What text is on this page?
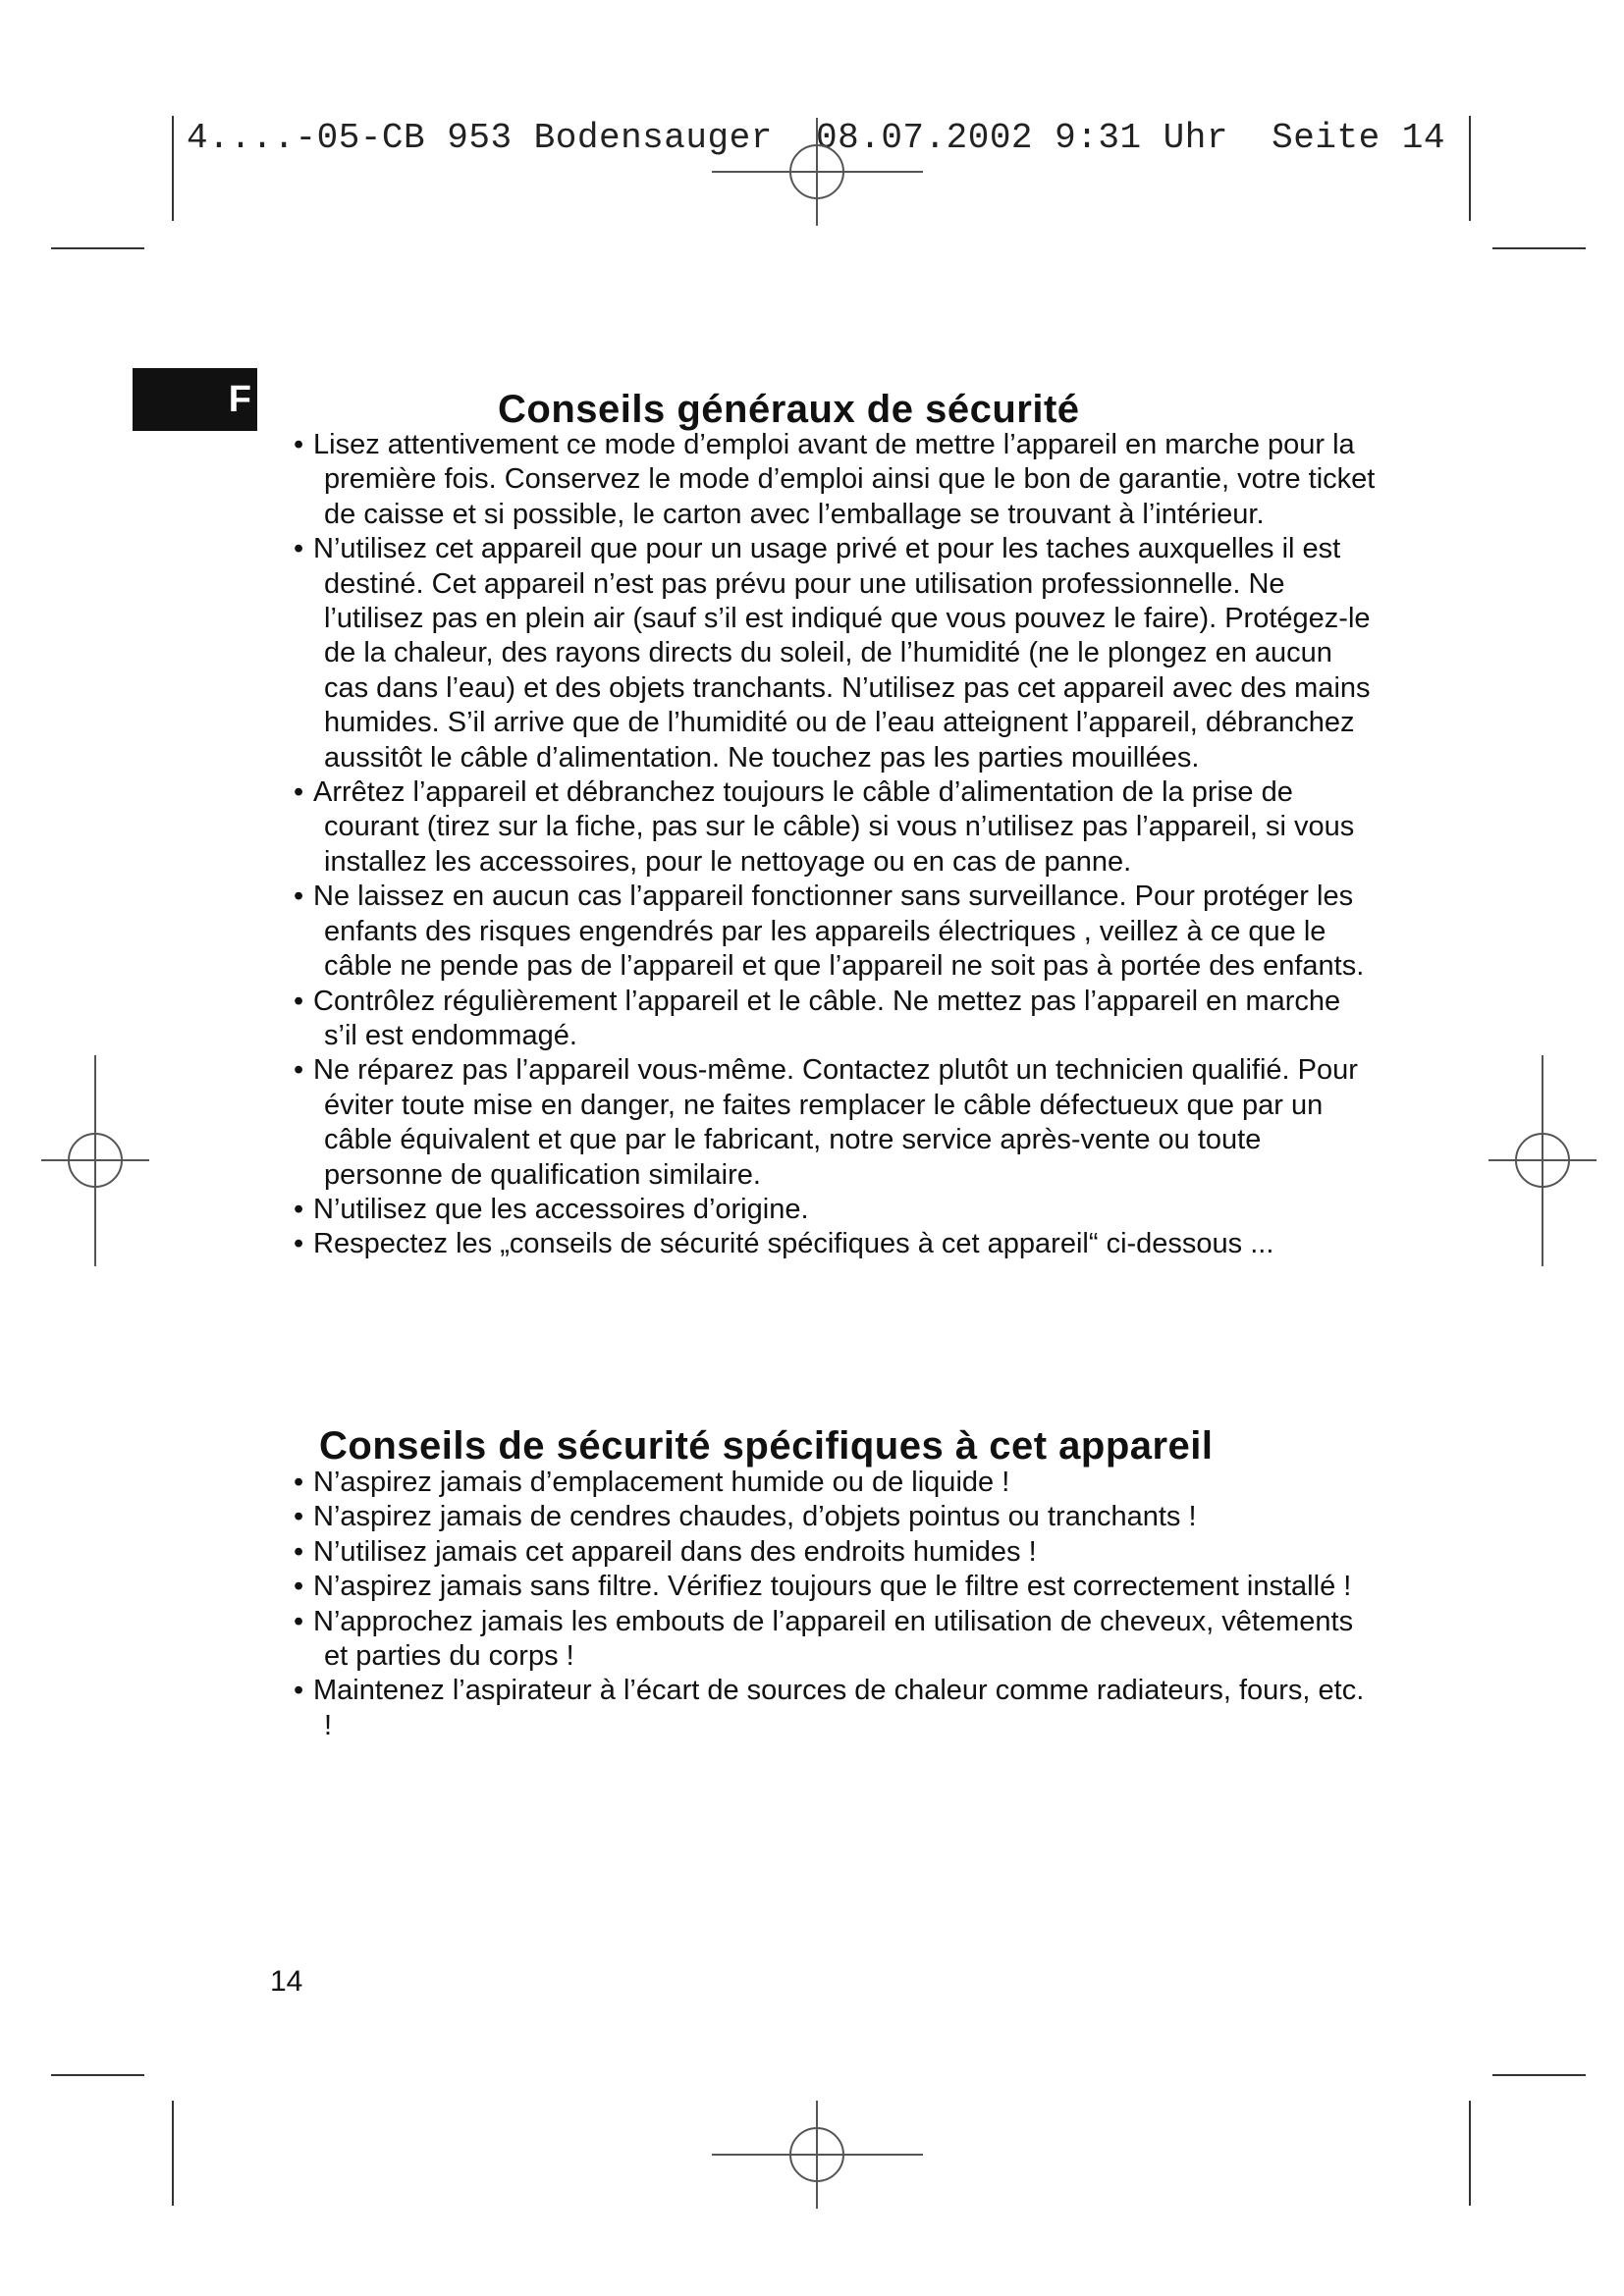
4....-05-CB 953 Bodensauger  08.07.2002 9:31 Uhr  Seite 14
F	Conseils généraux de sécurité
• Lisez attentivement ce mode d’emploi avant de mettre l’appareil en marche pour la première fois. Conservez le mode d’emploi ainsi que le bon de garantie, votre ticket de caisse et si possible, le carton avec l’emballage se trouvant à l’intérieur.
• N’utilisez cet appareil que pour un usage privé et pour les taches auxquelles il est destiné. Cet appareil n’est pas prévu pour une utilisation professionnelle. Ne l’utilisez pas en plein air (sauf s’il est indiqué que vous pouvez le faire). Protégez-le de la chaleur, des rayons directs du soleil, de l’humidité (ne le plongez en aucun cas dans l’eau) et des objets tranchants. N’utilisez pas cet appareil avec des mains humides. S’il arrive que de l’humidité ou de l’eau atteignent l’appareil, débranchez aussitôt le câble d’alimentation. Ne touchez pas les parties mouillées.
• Arrêtez l’appareil et débranchez toujours le câble d’alimentation de la prise de courant (tirez sur la fiche, pas sur le câble) si vous n’utilisez pas l’appareil, si vous installez les accessoires, pour le nettoyage ou en cas de panne.
• Ne laissez en aucun cas l’appareil fonctionner sans surveillance. Pour protéger les enfants des risques engendrés par les appareils électriques , veillez à ce que le câble ne pende pas de l’appareil et que l’appareil ne soit pas à portée des enfants.
• Contrôlez régulièrement l’appareil et le câble. Ne mettez pas l’appareil en marche s’il est endommagé.
• Ne réparez pas l’appareil vous-même. Contactez plutôt un technicien qualifié. Pour éviter toute mise en danger, ne faites remplacer le câble défectueux que par un câble équivalent et que par le fabricant, notre service après-vente ou toute personne de qualification similaire.
• N’utilisez que les accessoires d’origine.
• Respectez les „conseils de sécurité spécifiques à cet appareil“ ci-dessous ...
Conseils de sécurité spécifiques à cet appareil
• N’aspirez jamais d’emplacement humide ou de liquide !
• N’aspirez jamais de cendres chaudes, d’objets pointus ou tranchants !
• N’utilisez jamais cet appareil dans des endroits humides !
• N’aspirez jamais sans filtre. Vérifiez toujours que le filtre est correctement installé !
• N’approchez jamais les embouts de l’appareil en utilisation de cheveux, vêtements et parties du corps !
• Maintenez l’aspirateur à l’écart de sources de chaleur comme radiateurs, fours, etc. !
14
